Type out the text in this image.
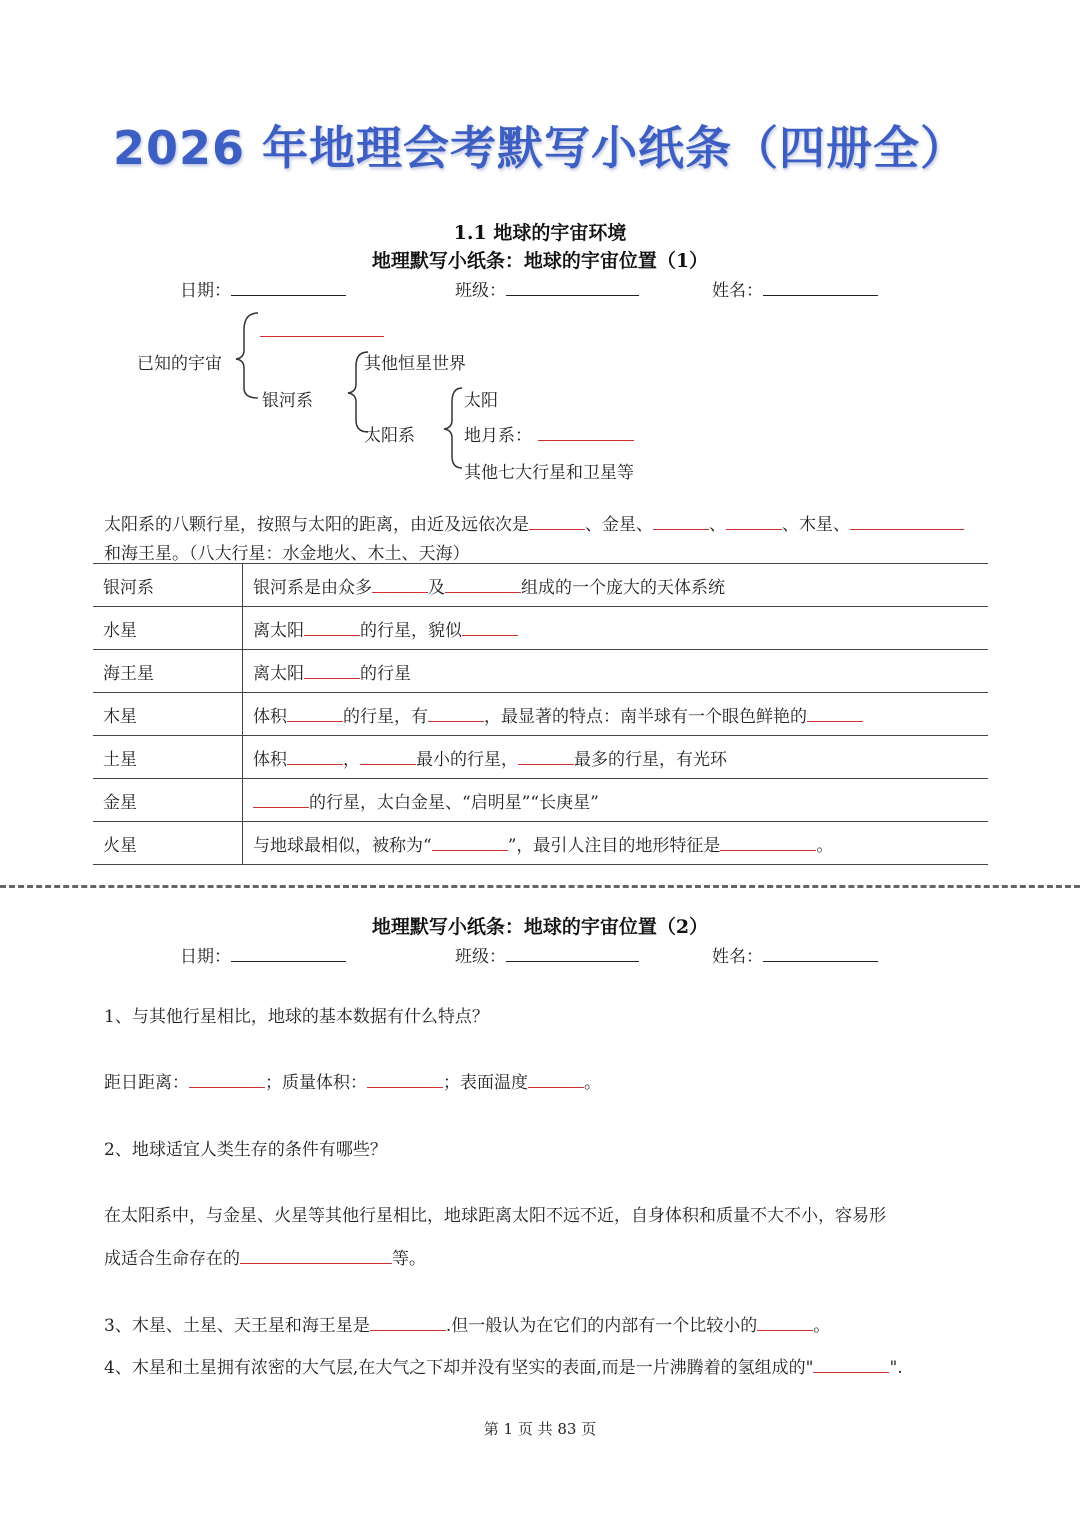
2026 年地理会考默写小纸条（四册全）
1.1 地球的宇宙环境
地理默写小纸条：地球的宇宙位置（1）
日期：	班级：	姓名：
已知的宇宙
银河系
其他恒星世界
太阳系
太阳
地月系：
其他七大行星和卫星等
太阳系的八颗行星，按照与太阳的距离，由近及远依次是	、金星、	、	、木星、
和海王星。（八大行星：水金地火、木土、天海）
银河系	银河系是由众多 及 组成的一个庞大的天体系统
水星	离太阳 的行星，貌似
海王星	离太阳 的行星
木星	体积 的行星，有 ，最显著的特点：南半球有一个眼色鲜艳的
土星	体积 ， 最小的行星， 最多的行星，有光环
金星	的行星，太白金星、“启明星”“长庚星”
火星	与地球最相似，被称为“ ”，最引人注目的地形特征是 。
地理默写小纸条：地球的宇宙位置（2）
日期：	班级：	姓名：
1、与其他行星相比，地球的基本数据有什么特点？
距日距离：	；质量体积：	；表面温度	。
2、地球适宜人类生存的条件有哪些？
在太阳系中，与金星、火星等其他行星相比，地球距离太阳不远不近，自身体积和质量不大不小，容易形
成适合生命存在的	等。
3、木星、土星、天王星和海王星是	.但一般认为在它们的内部有一个比较小的	。
4、木星和土星拥有浓密的大气层,在大气之下却并没有坚实的表面,而是一片沸腾着的氢组成的"	".
第 1 页 共 83 页
